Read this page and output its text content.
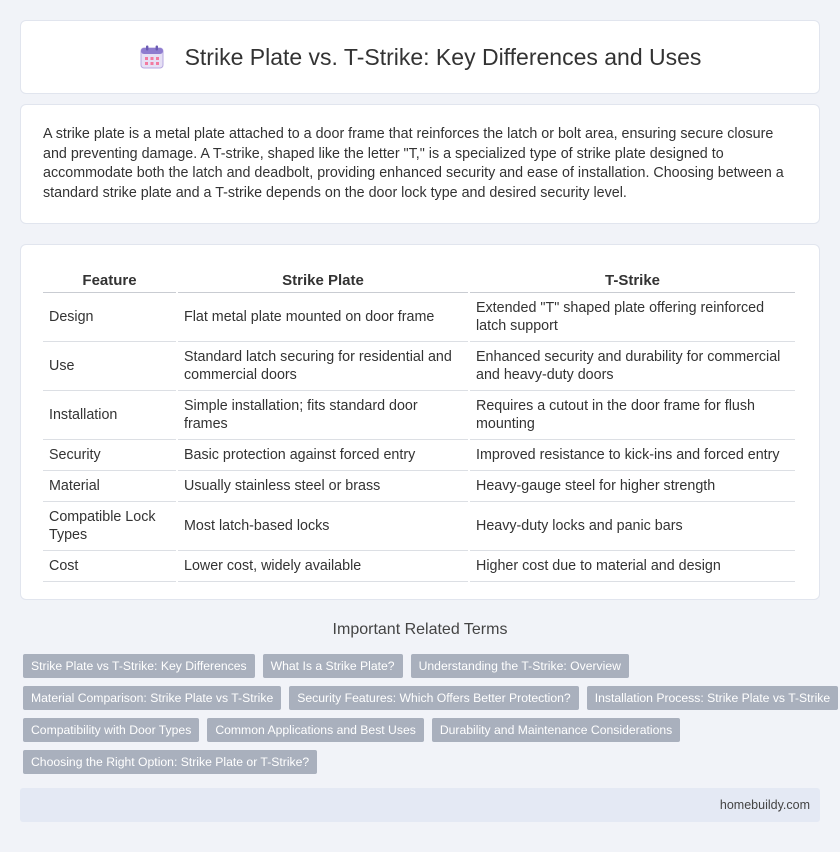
Strike Plate vs. T-Strike: Key Differences and Uses

A strike plate is a metal plate attached to a door frame that reinforces the latch or bolt area, ensuring secure closure and preventing damage. A T-strike, shaped like the letter "T," is a specialized type of strike plate designed to accommodate both the latch and deadbolt, providing enhanced security and ease of installation. Choosing between a standard strike plate and a T-strike depends on the door lock type and desired security level.

Feature	Strike Plate	T-Strike
Design	Flat metal plate mounted on door frame	Extended "T" shaped plate offering reinforced latch support
Use	Standard latch securing for residential and commercial doors	Enhanced security and durability for commercial and heavy-duty doors
Installation	Simple installation; fits standard door frames	Requires a cutout in the door frame for flush mounting
Security	Basic protection against forced entry	Improved resistance to kick-ins and forced entry
Material	Usually stainless steel or brass	Heavy-gauge steel for higher strength
Compatible Lock Types	Most latch-based locks	Heavy-duty locks and panic bars
Cost	Lower cost, widely available	Higher cost due to material and design
Important Related Terms
Strike Plate vs T-Strike: Key Differences	What Is a Strike Plate?	Understanding the T-Strike: Overview
Material Comparison: Strike Plate vs T-Strike	Security Features: Which Offers Better Protection?	Installation Process: Strike Plate vs T-Strike
Compatibility with Door Types	Common Applications and Best Uses	Durability and Maintenance Considerations
Choosing the Right Option: Strike Plate or T-Strike?
homebuildy.com
